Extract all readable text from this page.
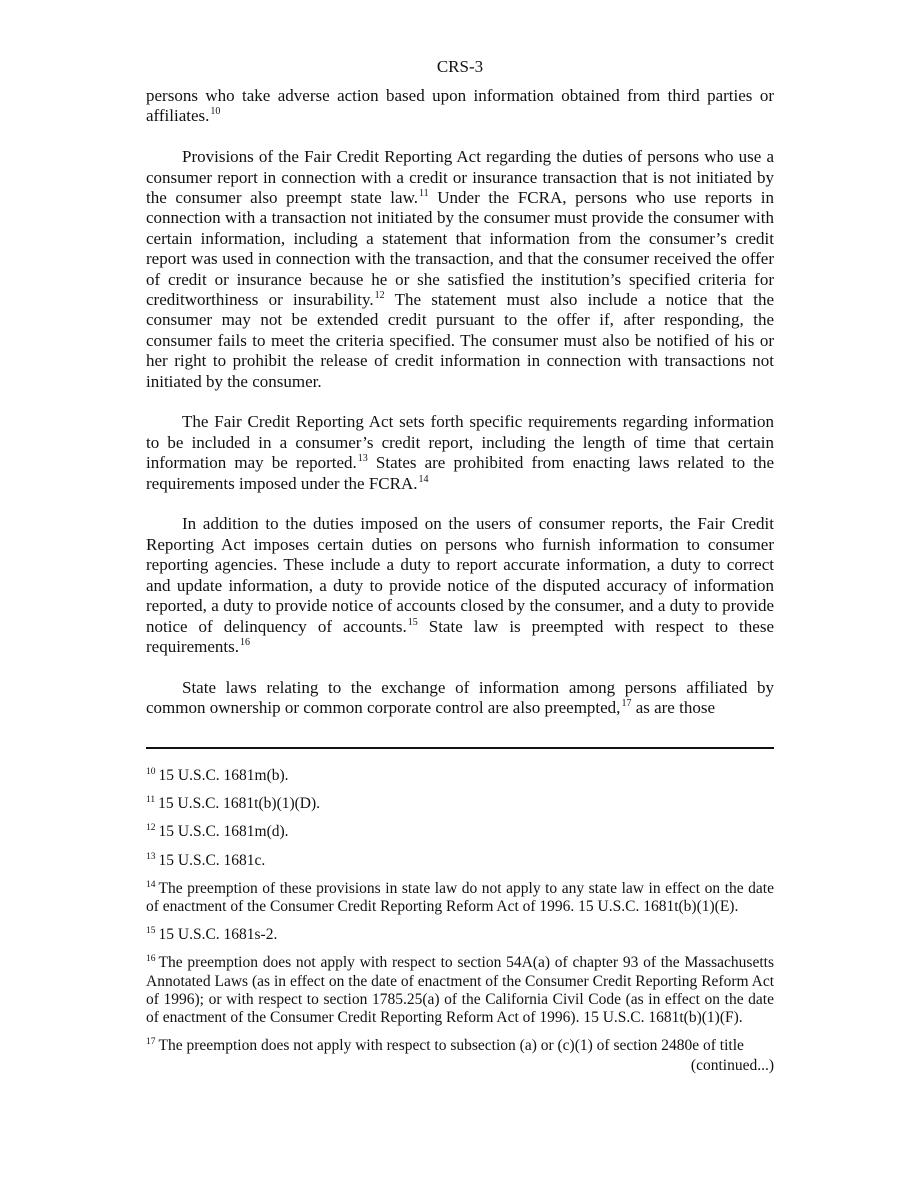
CRS-3

persons who take adverse action based upon information obtained from third parties or affiliates.$^{10}$

Provisions of the Fair Credit Reporting Act regarding the duties of persons who use a consumer report in connection with a credit or insurance transaction that is not initiated by the consumer also preempt state law.$^{11}$ Under the FCRA, persons who use reports in connection with a transaction not initiated by the consumer must provide the consumer with certain information, including a statement that information from the consumer’s credit report was used in connection with the transaction, and that the consumer received the offer of credit or insurance because he or she satisfied the institution’s specified criteria for creditworthiness or insurability.$^{12}$ The statement must also include a notice that the consumer may not be extended credit pursuant to the offer if, after responding, the consumer fails to meet the criteria specified. The consumer must also be notified of his or her right to prohibit the release of credit information in connection with transactions not initiated by the consumer.

The Fair Credit Reporting Act sets forth specific requirements regarding information to be included in a consumer’s credit report, including the length of time that certain information may be reported.$^{13}$ States are prohibited from enacting laws related to the requirements imposed under the FCRA.$^{14}$

In addition to the duties imposed on the users of consumer reports, the Fair Credit Reporting Act imposes certain duties on persons who furnish information to consumer reporting agencies. These include a duty to report accurate information, a duty to correct and update information, a duty to provide notice of the disputed accuracy of information reported, a duty to provide notice of accounts closed by the consumer, and a duty to provide notice of delinquency of accounts.$^{15}$ State law is preempted with respect to these requirements.$^{16}$

State laws relating to the exchange of information among persons affiliated by common ownership or common corporate control are also preempted,$^{17}$ as are those

$^{10}$ 15 U.S.C. 1681m(b).

$^{11}$ 15 U.S.C. 1681t(b)(1)(D).

$^{12}$ 15 U.S.C. 1681m(d).

$^{13}$ 15 U.S.C. 1681c.

$^{14}$ The preemption of these provisions in state law do not apply to any state law in effect on the date of enactment of the Consumer Credit Reporting Reform Act of 1996. 15 U.S.C. 1681t(b)(1)(E).

$^{15}$ 15 U.S.C. 1681s-2.

$^{16}$ The preemption does not apply with respect to section 54A(a) of chapter 93 of the Massachusetts Annotated Laws (as in effect on the date of enactment of the Consumer Credit Reporting Reform Act of 1996); or with respect to section 1785.25(a) of the California Civil Code (as in effect on the date of enactment of the Consumer Credit Reporting Reform Act of 1996). 15 U.S.C. 1681t(b)(1)(F).

$^{17}$ The preemption does not apply with respect to subsection (a) or (c)(1) of section 2480e of title

(continued...)
